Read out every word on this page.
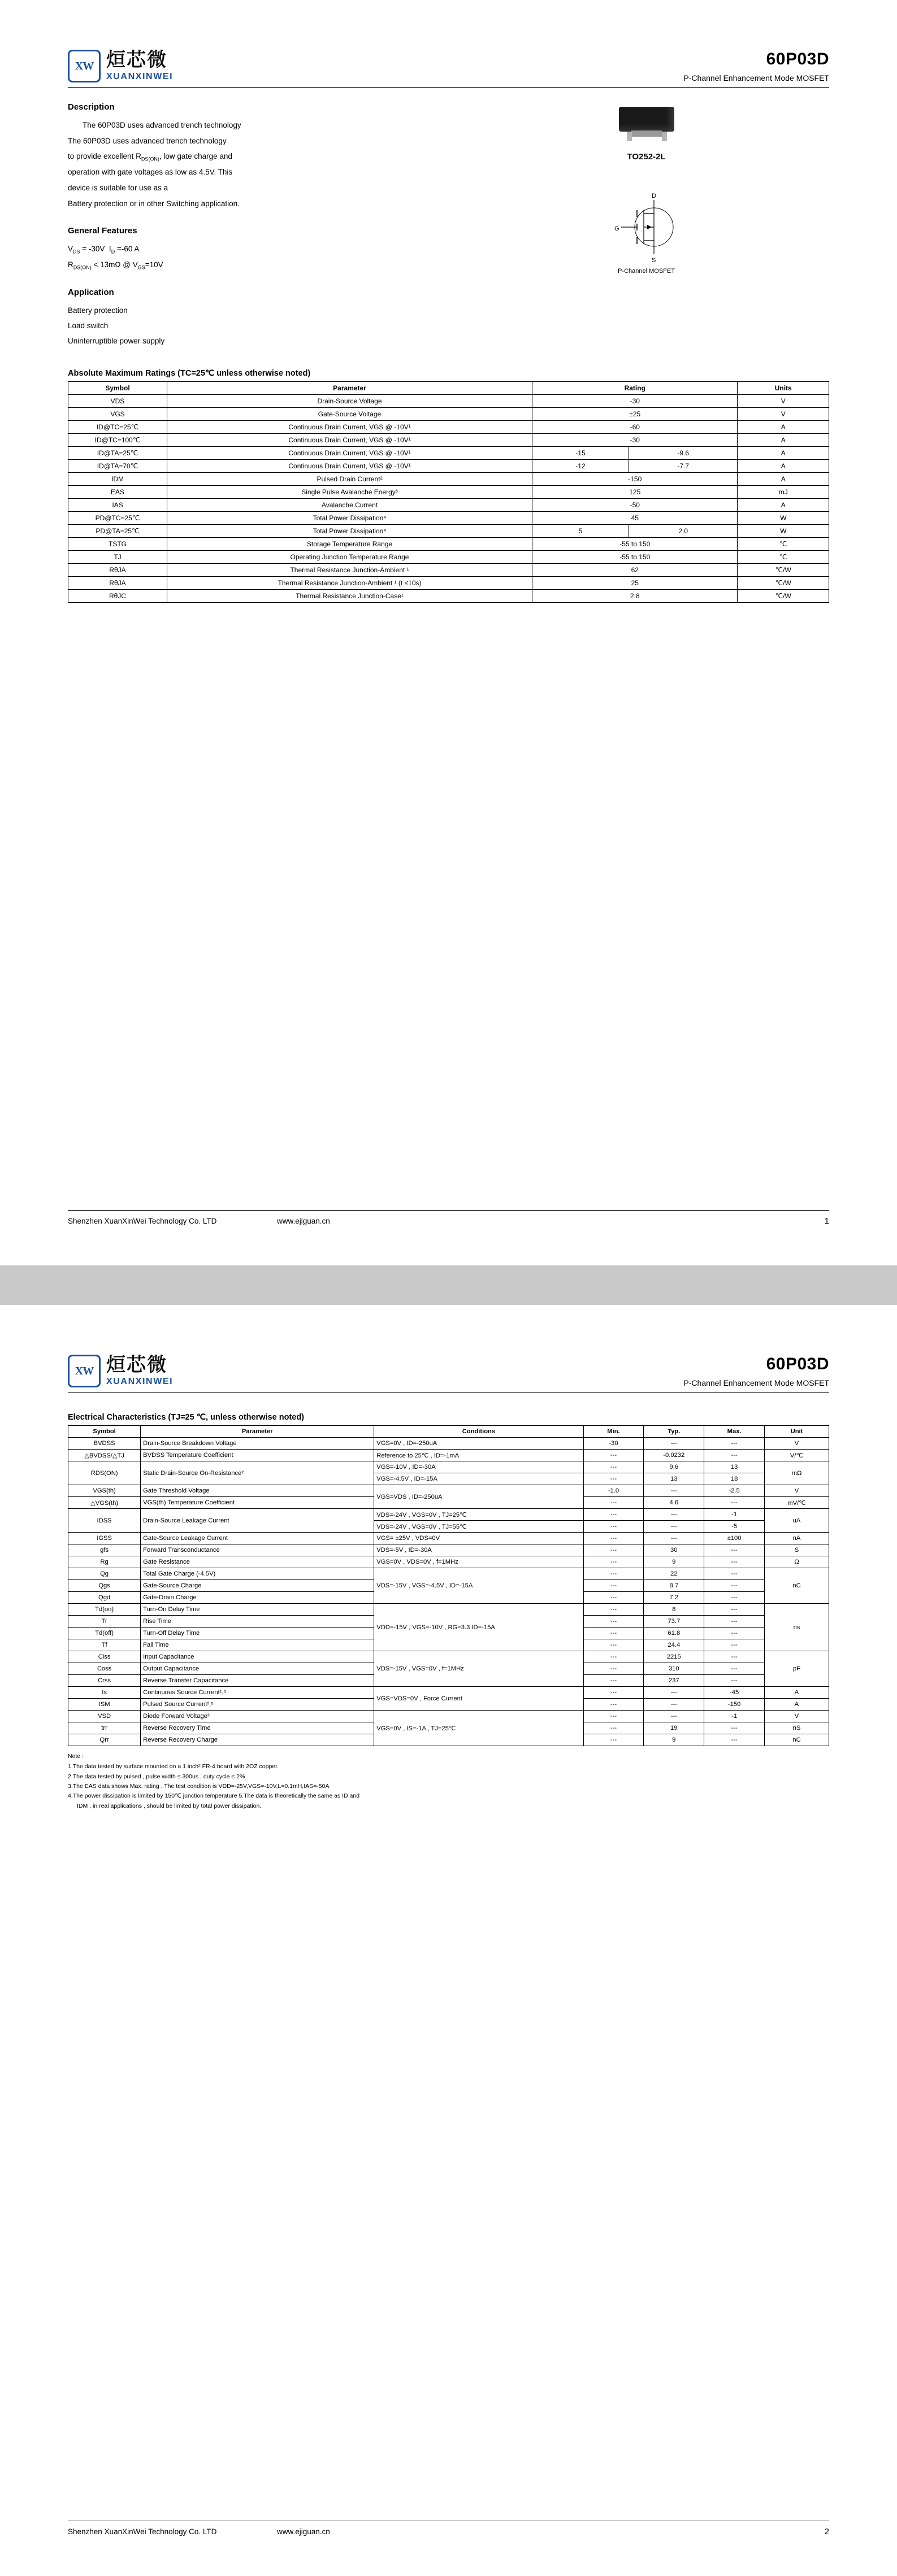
XW 烜芯微
XUANXINWEI
60P03D
P-Channel Enhancement Mode MOSFET
Description

The 60P03D uses advanced trench technology

The 60P03D uses advanced trench technology

to provide excellent $R_{DS(ON)}$, low gate charge and

operation with gate voltages as low as 4.5V. This

device is suitable for use as a

Battery protection or in other Switching application.

General Features

$V_{DS} = -30V$  $I_D =-60$ A

$R_{DS(ON)} < 13m\Omega$ @ $V_{GS}=10V$

Application

Battery protection

Load switch

Uninterruptible power supply

TO252-2L
D
G
S
P-Channel MOSFET
Absolute Maximum Ratings (TC=25℃ unless otherwise noted)
Symbol	Parameter	Rating		Units
VDS	Drain-Source Voltage	-30		V
VGS	Gate-Source Voltage	±25		V
ID@TC=25℃	Continuous Drain Current, VGS @ -10V¹	-60		A
ID@TC=100℃	Continuous Drain Current, VGS @ -10V¹	-30		A
ID@TA=25℃	Continuous Drain Current, VGS @ -10V¹	-15	-9.6	A
ID@TA=70℃	Continuous Drain Current, VGS @ -10V¹	-12	-7.7	A
IDM	Pulsed Drain Current²	-150		A
EAS	Single Pulse Avalanche Energy³	125		mJ
IAS	Avalanche Current	-50		A
PD@TC=25℃	Total Power Dissipation⁴	45		W
PD@TA=25℃	Total Power Dissipation⁴	5	2.0	W
TSTG	Storage Temperature Range	-55 to 150		℃
TJ	Operating Junction Temperature Range	-55 to 150		℃
RθJA	Thermal Resistance Junction-Ambient ¹	62		℃/W
RθJA	Thermal Resistance Junction-Ambient ¹ (t ≤10s)	25		℃/W
RθJC	Thermal Resistance Junction-Case¹	2.8		℃/W
Shenzhen XuanXinWei Technology Co. LTD	www.ejiguan.cn	1
XW 烜芯微
XUANXINWEI
60P03D
P-Channel Enhancement Mode MOSFET
Electrical Characteristics (TJ=25 ℃, unless otherwise noted)
Symbol	Parameter	Conditions	Min.	Typ.	Max.	Unit
BVDSS	Drain-Source Breakdown Voltage	VGS=0V , ID=-250uA	-30	---	---	V
△BVDSS/△TJ	BVDSS Temperature Coefficient	Reference to 25℃ , ID=-1mA	---	-0.0232	---	V/℃
RDS(ON)	Static Drain-Source On-Resistance²	VGS=-10V , ID=-30A	---	9.6	13	mΩ
		VGS=-4.5V , ID=-15A	---	13	18	
VGS(th)	Gate Threshold Voltage	VGS=VDS , ID=-250uA	-1.0	---	-2.5	V
△VGS(th)	VGS(th) Temperature Coefficient		---	4.6	---	mV/℃
IDSS	Drain-Source Leakage Current	VDS=-24V , VGS=0V , TJ=25℃	---	---	-1	uA
		VDS=-24V , VGS=0V , TJ=55℃	---	---	-5	
IGSS	Gate-Source Leakage Current	VGS= ±25V , VDS=0V	---	---	±100	nA
gfs	Forward Transconductance	VDS=-5V , ID=-30A	---	30	---	S
Rg	Gate Resistance	VGS=0V , VDS=0V , f=1MHz	---	9	---	Ω
Qg	Total Gate Charge (-4.5V)	VDS=-15V , VGS=-4.5V , ID=-15A	---	22	---	nC
Qgs	Gate-Source Charge		---	8.7	---	
Qgd	Gate-Drain Charge		---	7.2	---	
Td(on)	Turn-On Delay Time	VDD=-15V , VGS=-10V , RG=3.3 ID=-15A	---	8	---	ns
Tr	Rise Time		---	73.7	---	
Td(off)	Turn-Off Delay Time		---	61.8	---	
Tf	Fall Time		---	24.4	---	
Ciss	Input Capacitance	VDS=-15V , VGS=0V , f=1MHz	---	2215	---	pF
Coss	Output Capacitance		---	310	---	
Crss	Reverse Transfer Capacitance		---	237	---	
Is	Continuous Source Current¹,⁵	VGS=VDS=0V , Force Current	---	---	-45	A
ISM	Pulsed Source Current²,⁵		---	---	-150	A
VSD	Diode Forward Voltage²	VGS=0V , IS=-1A , TJ=25℃	---	---	-1	V
trr	Reverse Recovery Time		---	19	---	nS
Qrr	Reverse Recovery Charge		---	9	---	nC
Note :
1.The data tested by surface mounted on a 1 inch² FR-4 board with 2OZ copper.
2.The data tested by pulsed , pulse width ≤ 300us , duty cycle ≤ 2%
3.The EAS data shows Max. rating . The test condition is VDD=-25V,VGS=-10V,L=0.1mH,IAS=-50A
4.The power dissipation is limited by 150℃ junction temperature 5.The data is theoretically the same as ID and
IDM , in real applications , should be limited by total power dissipation.
Shenzhen XuanXinWei Technology Co. LTD	www.ejiguan.cn	2
